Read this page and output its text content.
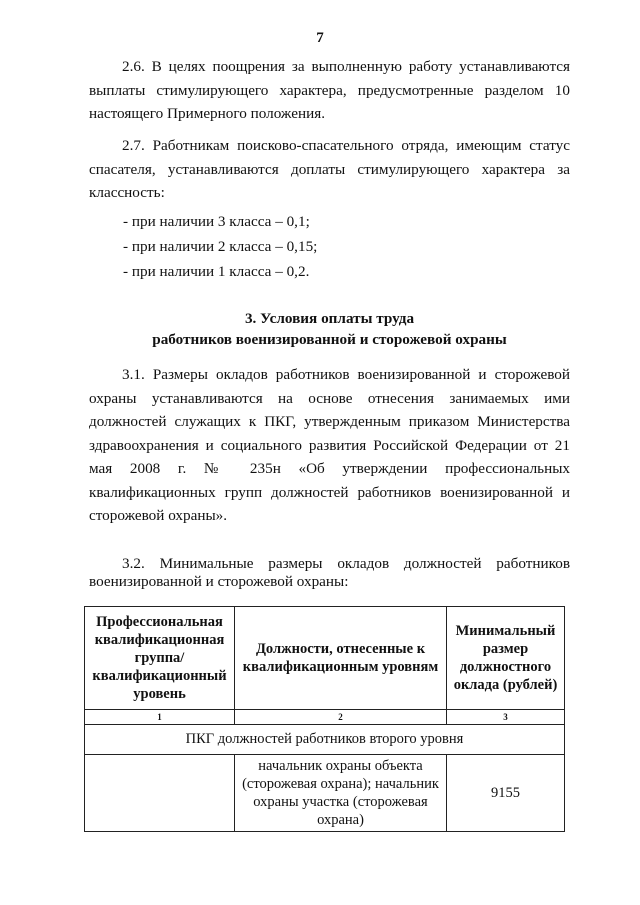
7

2.6. В целях поощрения за выполненную работу устанавливаются выплаты стимулирующего характера, предусмотренные разделом 10 настоящего Примерного положения.

2.7. Работникам поисково-спасательного отряда, имеющим статус спасателя, устанавливаются доплаты стимулирующего характера за классность:

- при наличии 3 класса – 0,1;

- при наличии 2 класса – 0,15;

- при наличии 1 класса – 0,2.

3. Условия оплаты труда
работников военизированной и сторожевой охраны

3.1. Размеры окладов работников военизированной и сторожевой охраны устанавливаются на основе отнесения занимаемых ими должностей служащих к ПКГ, утвержденным приказом Министерства здравоохранения и социального развития Российской Федерации от 21 мая 2008 г. № 235н «Об утверждении профессиональных квалификационных групп должностей работников военизированной и сторожевой охраны».

3.2. Минимальные размеры окладов должностей работников военизированной и сторожевой охраны:

Профессиональная квалификационная группа/ квалификационный уровень	Должности, отнесенные к квалификационным уровням	Минимальный размер должностного оклада (рублей)
1	2	3
ПКГ должностей работников второго уровня		
	начальник охраны объекта (сторожевая охрана); начальник охраны участка (сторожевая охрана)	9155
